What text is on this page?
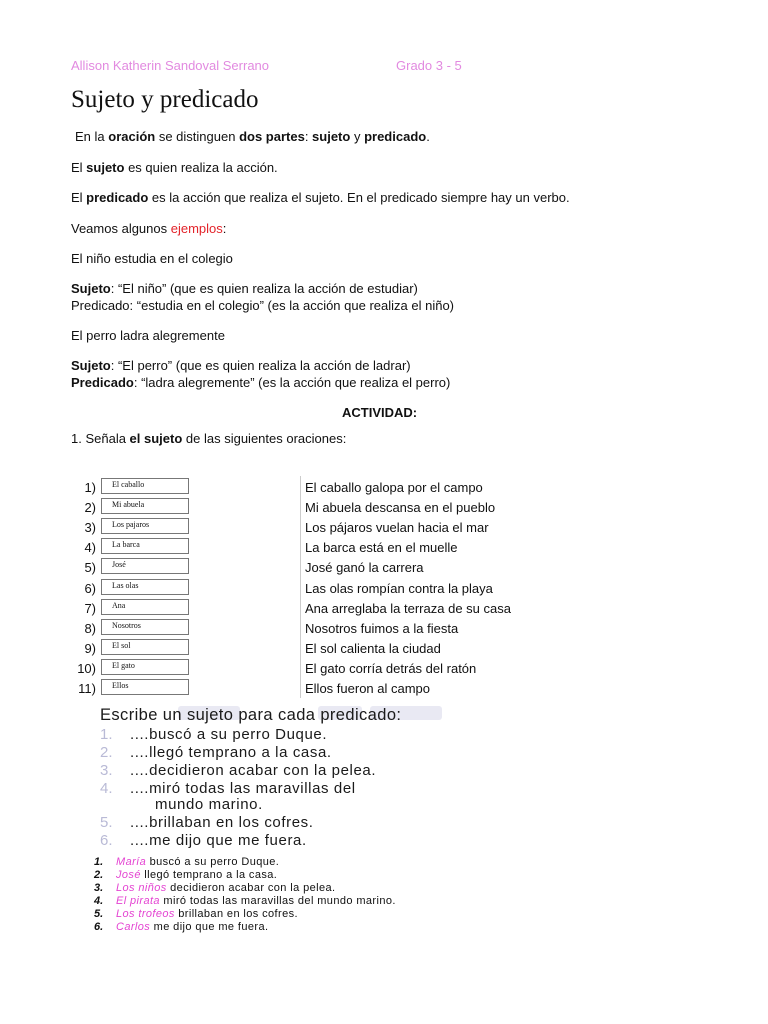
Allison Katherin Sandoval Serrano	Grado 3 - 5
Sujeto y predicado
En la oración se distinguen dos partes: sujeto y predicado.
El sujeto es quien realiza la acción.
El predicado es la acción que realiza el sujeto. En el predicado siempre hay un verbo.
Veamos algunos ejemplos:
El niño estudia en el colegio
Sujeto: “El niño” (que es quien realiza la acción de estudiar)
Predicado: “estudia en el colegio” (es la acción que realiza el niño)
El perro ladra alegremente
Sujeto: “El perro” (que es quien realiza la acción de ladrar)
Predicado: “ladra alegremente” (es la acción que realiza el perro)
ACTIVIDAD:
1. Señala el sujeto de las siguientes oraciones:
1)	El caballo	El caballo galopa por el campo
2)	Mi abuela	Mi abuela descansa en el pueblo
3)	Los pajaros	Los pájaros vuelan hacia el mar
4)	La barca	La barca está en el muelle
5)	José	José ganó la carrera
6)	Las olas	Las olas rompían contra la playa
7)	Ana	Ana arreglaba la terraza de su casa
8)	Nosotros	Nosotros fuimos a la fiesta
9)	El sol	El sol calienta la ciudad
10)	El gato	El gato corría detrás del ratón
11)	Ellos	Ellos fueron al campo
Escribe un sujeto para cada predicado:
1. ....buscó a su perro Duque.
2. ....llegó temprano a la casa.
3. ....decidieron acabar con la pelea.
4. ....miró todas las maravillas del
mundo marino.
5. ....brillaban en los cofres.
6. ....me dijo que me fuera.
1. María buscó a su perro Duque.
2. José llegó temprano a la casa.
3. Los niños decidieron acabar con la pelea.
4. El pirata miró todas las maravillas del mundo marino.
5. Los trofeos brillaban en los cofres.
6. Carlos me dijo que me fuera.
